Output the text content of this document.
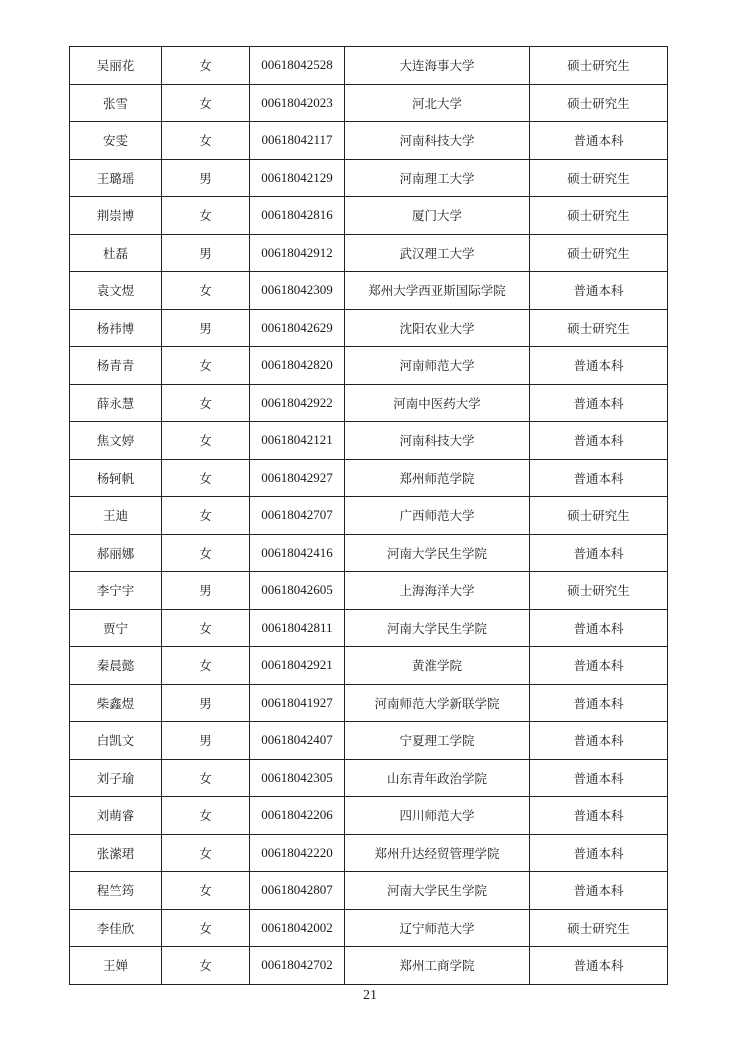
吴丽花	女	00618042528	大连海事大学	硕士研究生
张雪	女	00618042023	河北大学	硕士研究生
安雯	女	00618042117	河南科技大学	普通本科
王璐瑶	男	00618042129	河南理工大学	硕士研究生
荆崇博	女	00618042816	厦门大学	硕士研究生
杜磊	男	00618042912	武汉理工大学	硕士研究生
袁文煜	女	00618042309	郑州大学西亚斯国际学院	普通本科
杨祎博	男	00618042629	沈阳农业大学	硕士研究生
杨青青	女	00618042820	河南师范大学	普通本科
薛永慧	女	00618042922	河南中医药大学	普通本科
焦文婷	女	00618042121	河南科技大学	普通本科
杨轲帆	女	00618042927	郑州师范学院	普通本科
王迪	女	00618042707	广西师范大学	硕士研究生
郝丽娜	女	00618042416	河南大学民生学院	普通本科
李宁宇	男	00618042605	上海海洋大学	硕士研究生
贾宁	女	00618042811	河南大学民生学院	普通本科
秦晨懿	女	00618042921	黄淮学院	普通本科
柴鑫煜	男	00618041927	河南师范大学新联学院	普通本科
白凯文	男	00618042407	宁夏理工学院	普通本科
刘子瑜	女	00618042305	山东青年政治学院	普通本科
刘萌睿	女	00618042206	四川师范大学	普通本科
张潆珺	女	00618042220	郑州升达经贸管理学院	普通本科
程竺筠	女	00618042807	河南大学民生学院	普通本科
李佳欣	女	00618042002	辽宁师范大学	硕士研究生
王婵	女	00618042702	郑州工商学院	普通本科
21
